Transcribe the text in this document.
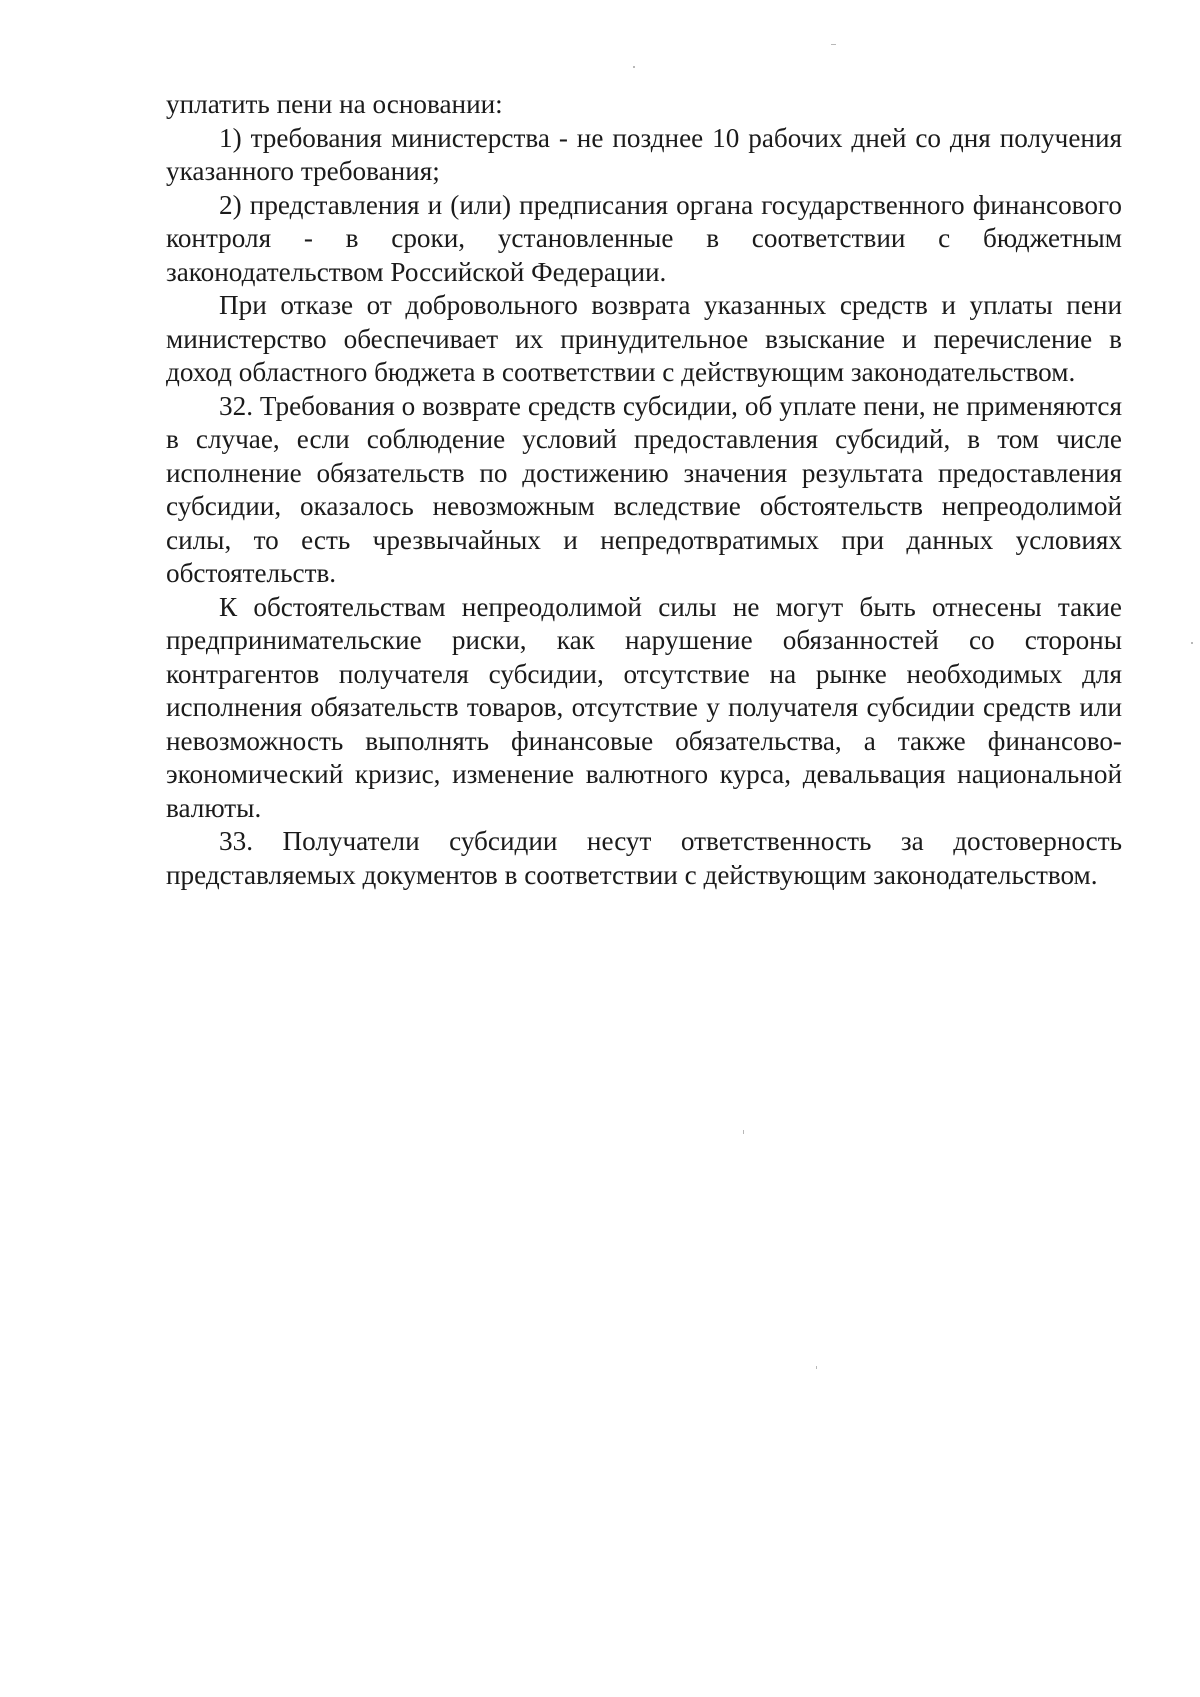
уплатить пени на основании:

1) требования министерства - не позднее 10 рабочих дней со дня получения указанного требования;

2) представления и (или) предписания органа государственного финансового контроля - в сроки, установленные в соответствии с бюджетным законодательством Российской Федерации.

При отказе от добровольного возврата указанных средств и уплаты пени министерство обеспечивает их принудительное взыскание и перечисление в доход областного бюджета в соответствии с действующим законодательством.

32. Требования о возврате средств субсидии, об уплате пени, не применяются в случае, если соблюдение условий предоставления субсидий, в том числе исполнение обязательств по достижению значения результата предоставления субсидии, оказалось невозможным вследствие обстоятельств непреодолимой силы, то есть чрезвычайных и непредотвратимых при данных условиях обстоятельств.

К обстоятельствам непреодолимой силы не могут быть отнесены такие предпринимательские риски, как нарушение обязанностей со стороны контрагентов получателя субсидии, отсутствие на рынке необходимых для исполнения обязательств товаров, отсутствие у получателя субсидии средств или невозможность выполнять финансовые обязательства, а также финансово-экономический кризис, изменение валютного курса, девальвация национальной валюты.

33. Получатели субсидии несут ответственность за достоверность представляемых документов в соответствии с действующим законодательством.
